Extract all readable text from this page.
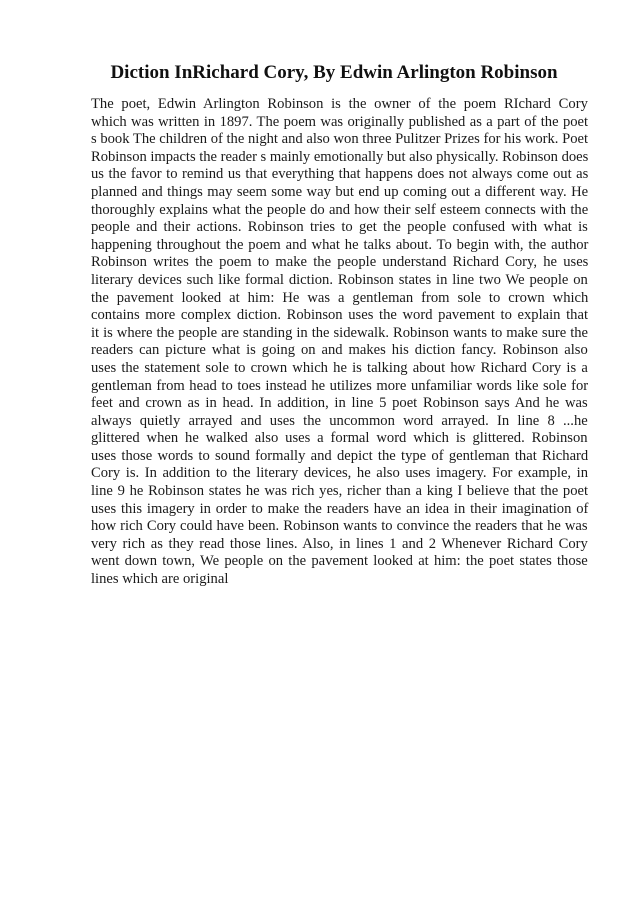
Diction InRichard Cory, By Edwin Arlington Robinson
The poet, Edwin Arlington Robinson is the owner of the poem RIchard Cory
which was written in 1897. The poem was originally published as a part of the poet
s book The children of the night and also won three Pulitzer Prizes for his work. Poet
Robinson impacts the reader s mainly emotionally but also physically. Robinson does
us the favor to remind us that everything that happens does not always come out as
planned and things may seem some way but end up coming out a different way. He
thoroughly explains what the people do and how their self esteem connects with the
people and their actions. Robinson tries to get the people confused with what is
happening throughout the poem and what he talks about. To begin with, the author
Robinson writes the poem to make the people understand Richard Cory, he uses
literary devices such like formal diction. Robinson states in line two We people on
the pavement looked at him: He was a gentleman from sole to crown which
contains more complex diction. Robinson uses the word pavement to explain that
it is where the people are standing in the sidewalk. Robinson wants to make sure the
readers can picture what is going on and makes his diction fancy. Robinson also
uses the statement sole to crown which he is talking about how Richard Cory is a
gentleman from head to toes instead he utilizes more unfamiliar words like sole for
feet and crown as in head. In addition, in line 5 poet Robinson says And he was
always quietly arrayed and uses the uncommon word arrayed. In line 8 ...he
glittered when he walked also uses a formal word which is glittered. Robinson
uses those words to sound formally and depict the type of gentleman that Richard
Cory is. In addition to the literary devices, he also uses imagery. For example, in
line 9 he Robinson states he was rich yes, richer than a king I believe that the poet
uses this imagery in order to make the readers have an idea in their imagination of
how rich Cory could have been. Robinson wants to convince the readers that he was
very rich as they read those lines. Also, in lines 1 and 2 Whenever Richard Cory
went down town, We people on the pavement looked at him: the poet states those
lines which are original
